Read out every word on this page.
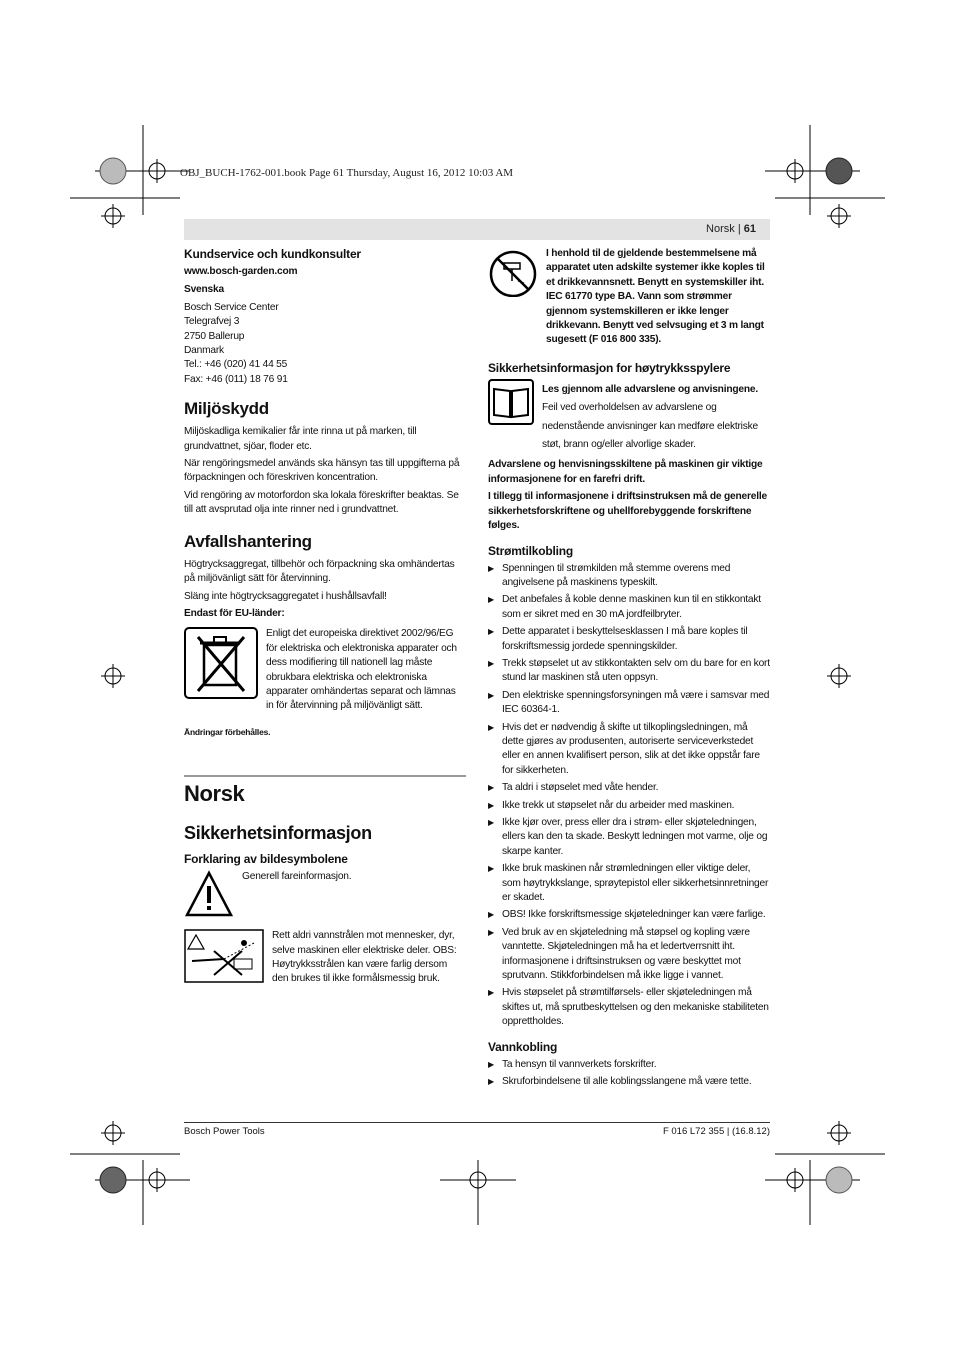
OBJ_BUCH-1762-001.book Page 61 Thursday, August 16, 2012 10:03 AM
Norsk | 61
Kundservice och kundkonsulter
www.bosch-garden.com
Svenska
Bosch Service Center
Telegrafvej 3
2750 Ballerup
Danmark
Tel.: +46 (020) 41 44 55
Fax: +46 (011) 18 76 91
Miljöskydd
Miljöskadliga kemikalier får inte rinna ut på marken, till grundvattnet, sjöar, floder etc.
När rengöringsmedel används ska hänsyn tas till uppgifterna på förpackningen och föreskriven koncentration.
Vid rengöring av motorfordon ska lokala föreskrifter beaktas. Se till att avsprutad olja inte rinner ned i grundvattnet.
Avfallshantering
Högtrycksaggregat, tillbehör och förpackning ska omhändertas på miljövänligt sätt för återvinning.
Släng inte högtrycksaggregatet i hushållsavfall!
Endast för EU-länder:
Enligt det europeiska direktivet 2002/96/EG för elektriska och elektroniska apparater och dess modifiering till nationell lag måste obrukbara elektriska och elektroniska apparater omhändertas separat och lämnas in för återvinning på miljövänligt sätt.
Ändringar förbehålles.
Norsk
Sikkerhetsinformasjon
Forklaring av bildesymbolene
Generell fareinformasjon.
Rett aldri vannstrålen mot mennesker, dyr, selve maskinen eller elektriske deler. OBS: Høytrykksstrålen kan være farlig dersom den brukes til ikke formålsmessig bruk.
I henhold til de gjeldende bestemmelsene må apparatet uten adskilte systemer ikke koples til et drikkevannsnett. Benytt en systemskiller iht. IEC 61770 type BA. Vann som strømmer gjennom systemskilleren er ikke lenger drikkevann. Benytt ved selvsuging et 3 m langt sugesett (F 016 800 335).
Sikkerhetsinformasjon for høytrykksspylere
Les gjennom alle advarslene og anvisningene. Feil ved overholdelsen av advarslene og nedenstående anvisninger kan medføre elektriske støt, brann og/eller alvorlige skader.
Advarslene og henvisningsskiltene på maskinen gir viktige informasjonene for en farefri drift.
I tillegg til informasjonene i driftsinstruksen må de generelle sikkerhetsforskriftene og uhellforebyggende forskriftene følges.
Strømtilkobling
▶ Spenningen til strømkilden må stemme overens med angivelsene på maskinens typeskilt.
▶ Det anbefales å koble denne maskinen kun til en stikkontakt som er sikret med en 30 mA jordfeilbryter.
▶ Dette apparatet i beskyttelsesklassen I må bare koples til forskriftsmessig jordede spenningskilder.
▶ Trekk støpselet ut av stikkontakten selv om du bare for en kort stund lar maskinen stå uten oppsyn.
▶ Den elektriske spenningsforsyningen må være i samsvar med IEC 60364-1.
▶ Hvis det er nødvendig å skifte ut tilkoplingsledningen, må dette gjøres av produsenten, autoriserte serviceverkstedet eller en annen kvalifisert person, slik at det ikke oppstår fare for sikkerheten.
▶ Ta aldri i støpselet med våte hender.
▶ Ikke trekk ut støpselet når du arbeider med maskinen.
▶ Ikke kjør over, press eller dra i strøm- eller skjøteledningen, ellers kan den ta skade. Beskytt ledningen mot varme, olje og skarpe kanter.
▶ Ikke bruk maskinen når strømledningen eller viktige deler, som høytrykkslange, sprøytepistol eller sikkerhetsinnretninger er skadet.
▶ OBS! Ikke forskriftsmessige skjøteledninger kan være farlige.
▶ Ved bruk av en skjøteledning må støpsel og kopling være vanntette. Skjøteledningen må ha et ledertverrsnitt iht. informasjonene i driftsinstruksen og være beskyttet mot sprutvann. Stikkforbindelsen må ikke ligge i vannet.
▶ Hvis støpselet på strømtilførsels- eller skjøteledningen må skiftes ut, må sprutbeskyttelsen og den mekaniske stabiliteten opprettholdes.
Vannkobling
▶ Ta hensyn til vannverkets forskrifter.
▶ Skruforbindelsene til alle koblingsslangene må være tette.
Bosch Power Tools	F 016 L72 355 | (16.8.12)
